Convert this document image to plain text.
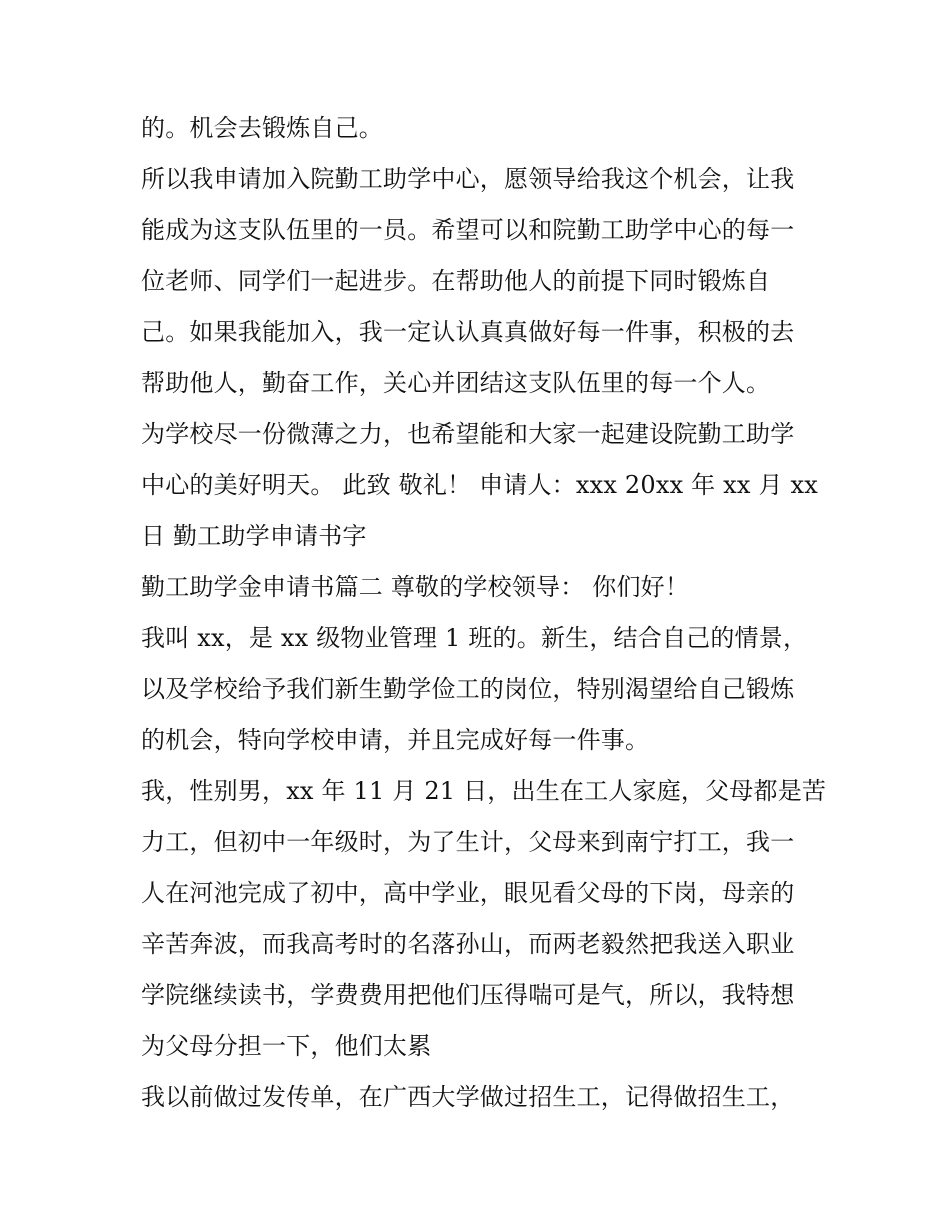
的。机会去锻炼自己。
所以我申请加入院勤工助学中心，愿领导给我这个机会，让我
能成为这支队伍里的一员。希望可以和院勤工助学中心的每一
位老师、同学们一起进步。在帮助他人的前提下同时锻炼自
己。如果我能加入，我一定认认真真做好每一件事，积极的去
帮助他人，勤奋工作，关心并团结这支队伍里的每一个人。
为学校尽一份微薄之力，也希望能和大家一起建设院勤工助学
中心的美好明天。 此致 敬礼！ 申请人：xxx 20xx 年 xx 月 xx
日 勤工助学申请书字
勤工助学金申请书篇二 尊敬的学校领导： 你们好！
我叫 xx，是 xx 级物业管理 1 班的。新生，结合自己的情景，
以及学校给予我们新生勤学俭工的岗位，特别渴望给自己锻炼
的机会，特向学校申请，并且完成好每一件事。
我，性别男，xx 年 11 月 21 日，出生在工人家庭，父母都是苦
力工，但初中一年级时，为了生计，父母来到南宁打工，我一
人在河池完成了初中，高中学业，眼见看父母的下岗，母亲的
辛苦奔波，而我高考时的名落孙山，而两老毅然把我送入职业
学院继续读书，学费费用把他们压得喘可是气，所以，我特想
为父母分担一下，他们太累
我以前做过发传单，在广西大学做过招生工，记得做招生工，
